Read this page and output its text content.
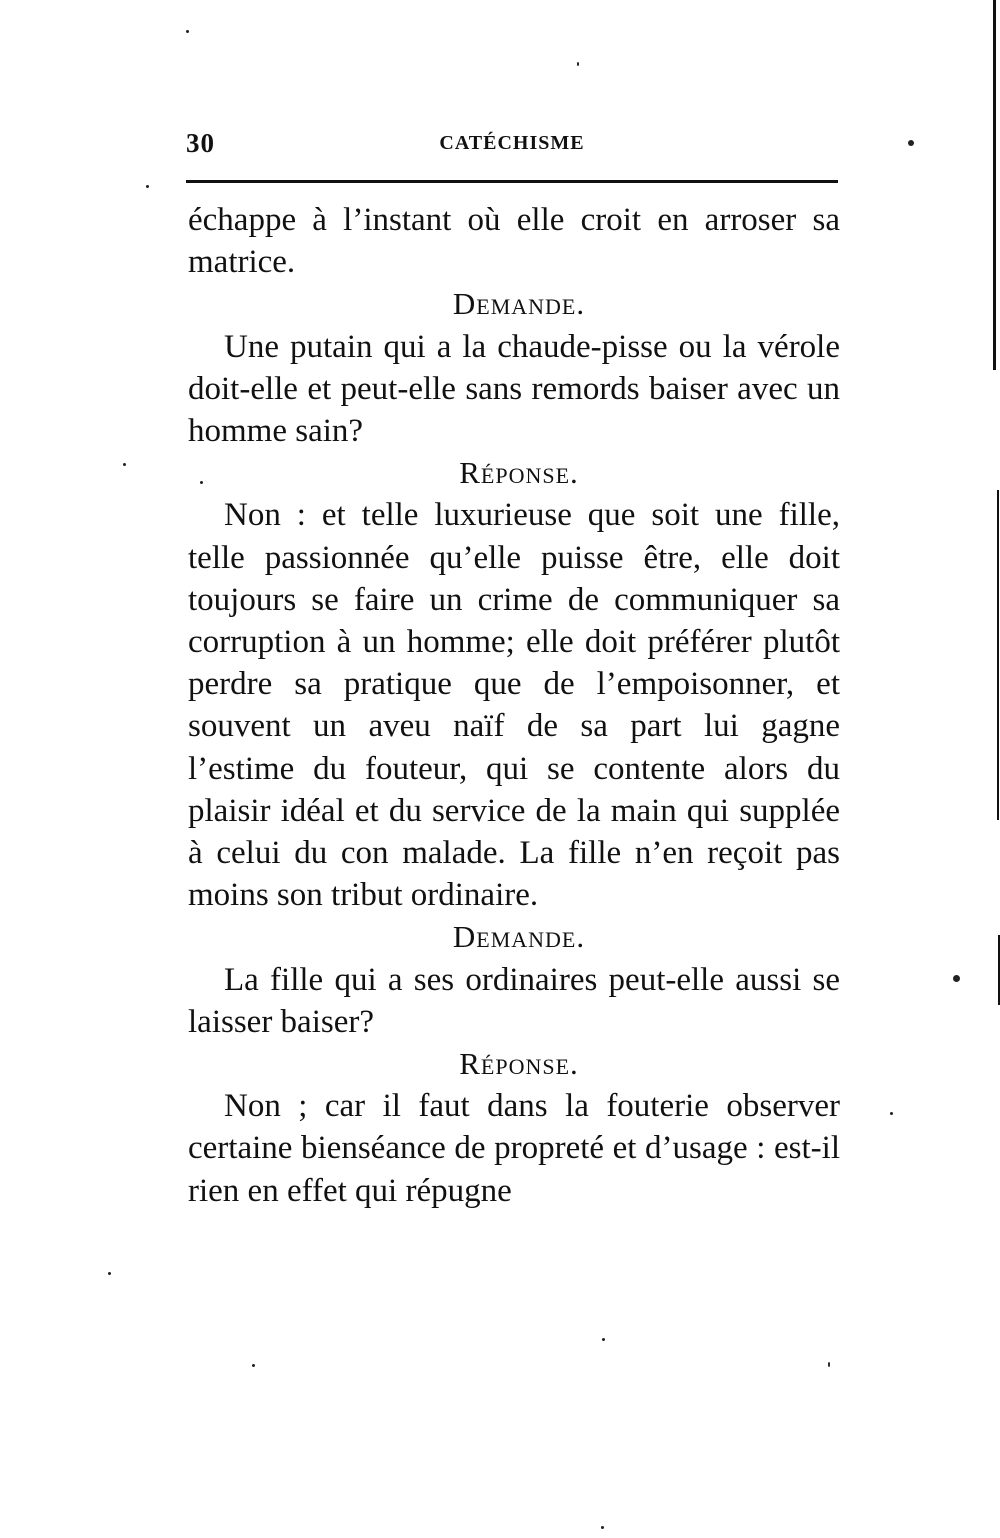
30	CATÉCHISME

échappe à l’instant où elle croit en arroser sa matrice.

Demande.

Une putain qui a la chaude-pisse ou la vérole doit-elle et peut-elle sans remords baiser avec un homme sain?

Réponse.

Non : et telle luxurieuse que soit une fille, telle passionnée qu’elle puisse être, elle doit toujours se faire un crime de communiquer sa corruption à un homme; elle doit préférer plutôt perdre sa pratique que de l’empoisonner, et souvent un aveu naïf de sa part lui gagne l’estime du fouteur, qui se contente alors du plaisir idéal et du service de la main qui supplée à celui du con malade. La fille n’en reçoit pas moins son tribut ordinaire.

Demande.

La fille qui a ses ordinaires peut-elle aussi se laisser baiser?

Réponse.

Non ; car il faut dans la fouterie observer certaine bienséance de propreté et d’usage : est-il rien en effet qui répugne
